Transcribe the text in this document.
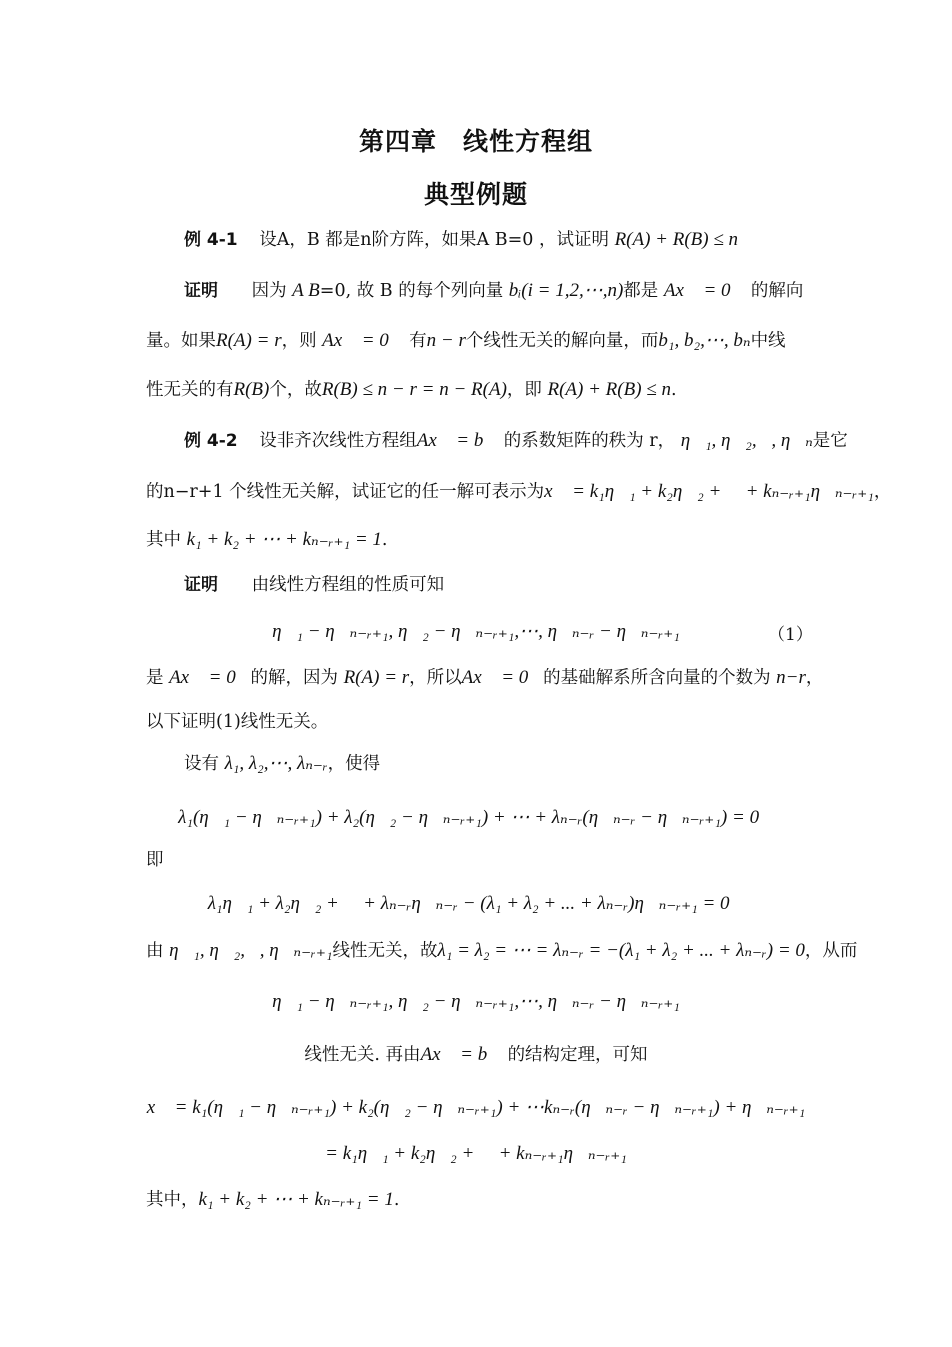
第四章　线性方程组
典型例题
例 4-1 设A，B 都是n阶方阵，如果A B=0 ，试证明 R(A) + R(B) ≤ n
证明 因为 A B=0, 故 B 的每个列向量 bᵢ(i = 1,2,⋯,n)都是 Ax⃗ = 0⃗ 的解向
量。如果R(A) = r，则 Ax⃗ = 0⃗ 有n − r个线性无关的解向量，而b₁, b₂,⋯, bₙ中线
性无关的有R(B)个，故R(B) ≤ n − r = n − R(A)，即 R(A) + R(B) ≤ n.
例 4-2 设非齐次线性方程组Ax⃗ = b⃗ 的系数矩阵的秩为 r， η⃗₁, η⃗₂,⋯, η⃗ₙ是它
的n−r+1 个线性无关解，试证它的任一解可表示为x⃗ = k₁η⃗₁ + k₂η⃗₂ + ⋯ + kₙ₋ᵣ₊₁η⃗ₙ₋ᵣ₊₁，
其中 k₁ + k₂ + ⋯ + kₙ₋ᵣ₊₁ = 1.
证明 由线性方程组的性质可知
η⃗₁ − η⃗ₙ₋ᵣ₊₁, η⃗₂ − η⃗ₙ₋ᵣ₊₁,⋯, η⃗ₙ₋ᵣ − η⃗ₙ₋ᵣ₊₁	（1）
是 Ax⃗ = 0⃗的解，因为 R(A) = r，所以Ax⃗ = 0⃗的基础解系所含向量的个数为 n−r，
以下证明(1)线性无关。
设有 λ₁, λ₂,⋯, λₙ₋ᵣ，使得
λ₁(η⃗₁ − η⃗ₙ₋ᵣ₊₁) + λ₂(η⃗₂ − η⃗ₙ₋ᵣ₊₁) + ⋯ + λₙ₋ᵣ(η⃗ₙ₋ᵣ − η⃗ₙ₋ᵣ₊₁) = 0⃗
即
λ₁η⃗₁ + λ₂η⃗₂ + ⋯ + λₙ₋ᵣη⃗ₙ₋ᵣ − (λ₁ + λ₂ + ... + λₙ₋ᵣ)η⃗ₙ₋ᵣ₊₁ = 0⃗
由 η⃗₁, η⃗₂,⋯, η⃗ₙ₋ᵣ₊₁线性无关，故λ₁ = λ₂ = ⋯ = λₙ₋ᵣ = −(λ₁ + λ₂ + ... + λₙ₋ᵣ) = 0，从而
η⃗₁ − η⃗ₙ₋ᵣ₊₁, η⃗₂ − η⃗ₙ₋ᵣ₊₁,⋯, η⃗ₙ₋ᵣ − η⃗ₙ₋ᵣ₊₁
线性无关. 再由Ax⃗ = b⃗ 的结构定理，可知
x⃗ = k₁(η⃗₁ − η⃗ₙ₋ᵣ₊₁) + k₂(η⃗₂ − η⃗ₙ₋ᵣ₊₁) + ⋯kₙ₋ᵣ(η⃗ₙ₋ᵣ − η⃗ₙ₋ᵣ₊₁) + η⃗ₙ₋ᵣ₊₁
= k₁η⃗₁ + k₂η⃗₂ + ⋯ + kₙ₋ᵣ₊₁η⃗ₙ₋ᵣ₊₁
其中，k₁ + k₂ + ⋯ + kₙ₋ᵣ₊₁ = 1.
